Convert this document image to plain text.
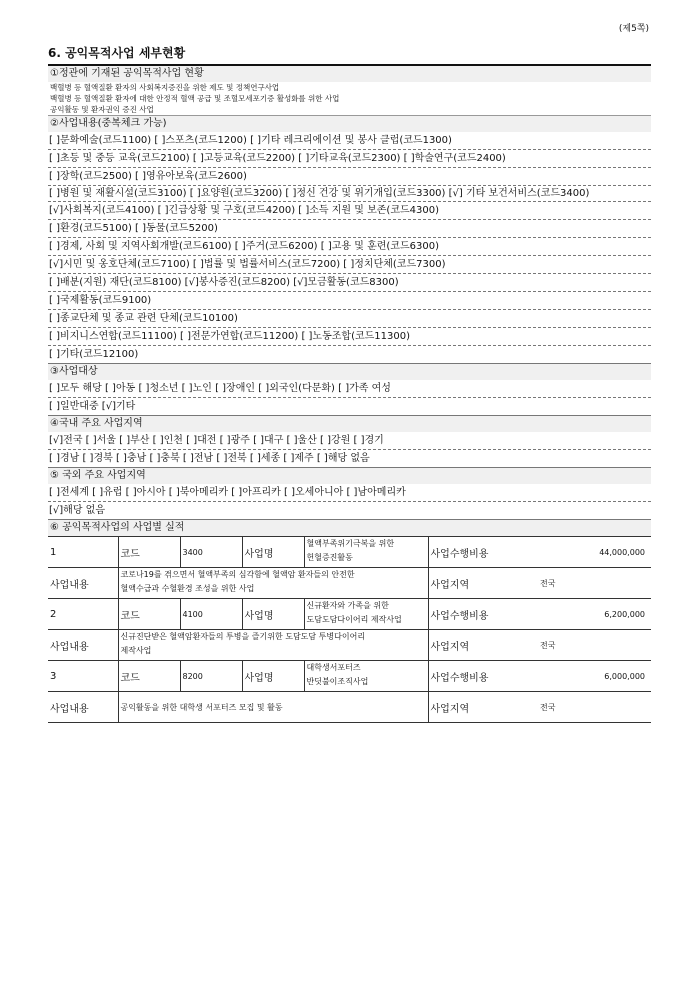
(제5쪽)
6. 공익목적사업 세부현황
①정관에 기재된 공익목적사업 현황
백혈병 등 혈액질환 환자의 사회복지증진을 위한 제도 및 정책연구사업
백혈병 등 혈액질환 환자에 대한 안정적 혈액 공급 및 조혈모세포기증 활성화를 위한 사업
공익활동 및 환자권익 증진 사업
②사업내용(중복체크 가능)
[ ]문화예술(코드1100) [ ]스포츠(코드1200) [ ]기타 레크리에이션 및 봉사 클럽(코드1300)
[ ]초등 및 중등 교육(코드2100) [ ]고등교육(코드2200) [ ]기타교육(코드2300) [ ]학술연구(코드2400)
[ ]장학(코드2500) [ ]영유아보육(코드2600)
[ ]병원 및 재활시설(코드3100) [ ]요양원(코드3200) [ ]정신 건강 및 위기개입(코드3300) [√] 기타 보건서비스(코드3400)
[√]사회복지(코드4100) [ ]긴급상황 및 구호(코드4200) [ ]소득 지원 및 보존(코드4300)
[ ]환경(코드5100) [ ]동물(코드5200)
[ ]경제, 사회 및 지역사회개발(코드6100) [ ]주거(코드6200) [ ]고용 및 훈련(코드6300)
[√]시민 및 옹호단체(코드7100) [ ]법률 및 법률서비스(코드7200) [ ]정치단체(코드7300)
[ ]배분(지원) 재단(코드8100) [√]봉사증진(코드8200) [√]모금활동(코드8300)
[ ]국제활동(코드9100)
[ ]종교단체 및 종교 관련 단체(코드10100)
[ ]비지니스연합(코드11100) [ ]전문가연합(코드11200) [ ]노동조합(코드11300)
[ ]기타(코드12100)
③사업대상
[ ]모두 해당 [ ]아동 [ ]청소년 [ ]노인 [ ]장애인 [ ]외국인(다문화) [ ]가족 여성
[ ]일반대중 [√]기타
④국내 주요 사업지역
[√]전국 [ ]서울 [ ]부산 [ ]인천 [ ]대전 [ ]광주 [ ]대구 [ ]울산 [ ]강원 [ ]경기
[ ]경남 [ ]경북 [ ]충남 [ ]충북 [ ]전남 [ ]전북 [ ]세종 [ ]제주 [ ]해당 없음
⑤ 국외 주요 사업지역
[ ]전세계 [ ]유럽 [ ]아시아 [ ]북아메리카 [ ]아프리카 [ ]오세아니아 [ ]남아메리카
[√]해당 없음
⑥ 공익목적사업의 사업별 실적
1	코드	3400	사업명	혈액부족위기극복을 위한
헌혈증진활동	사업수행비용	44,000,000
사업내용	코로나19를 겪으면서 혈액부족의 심각함에 혈액암 환자들의 안전한
혈액수급과 수혈환경 조성을 위한 사업				사업지역	전국
2	코드	4100	사업명	신규환자와 가족을 위한
도담도담다이어리 제작사업	사업수행비용	6,200,000
사업내용	신규진단받은 혈액암환자들의 투병을 즐기위한 도담도담 투병다이어리
제작사업				사업지역	전국
3	코드	8200	사업명	대학생서포터즈
반딧불이조직사업	사업수행비용	6,000,000
사업내용	공익활동을 위한 대학생 서포터즈 모집 및 활동				사업지역	전국
